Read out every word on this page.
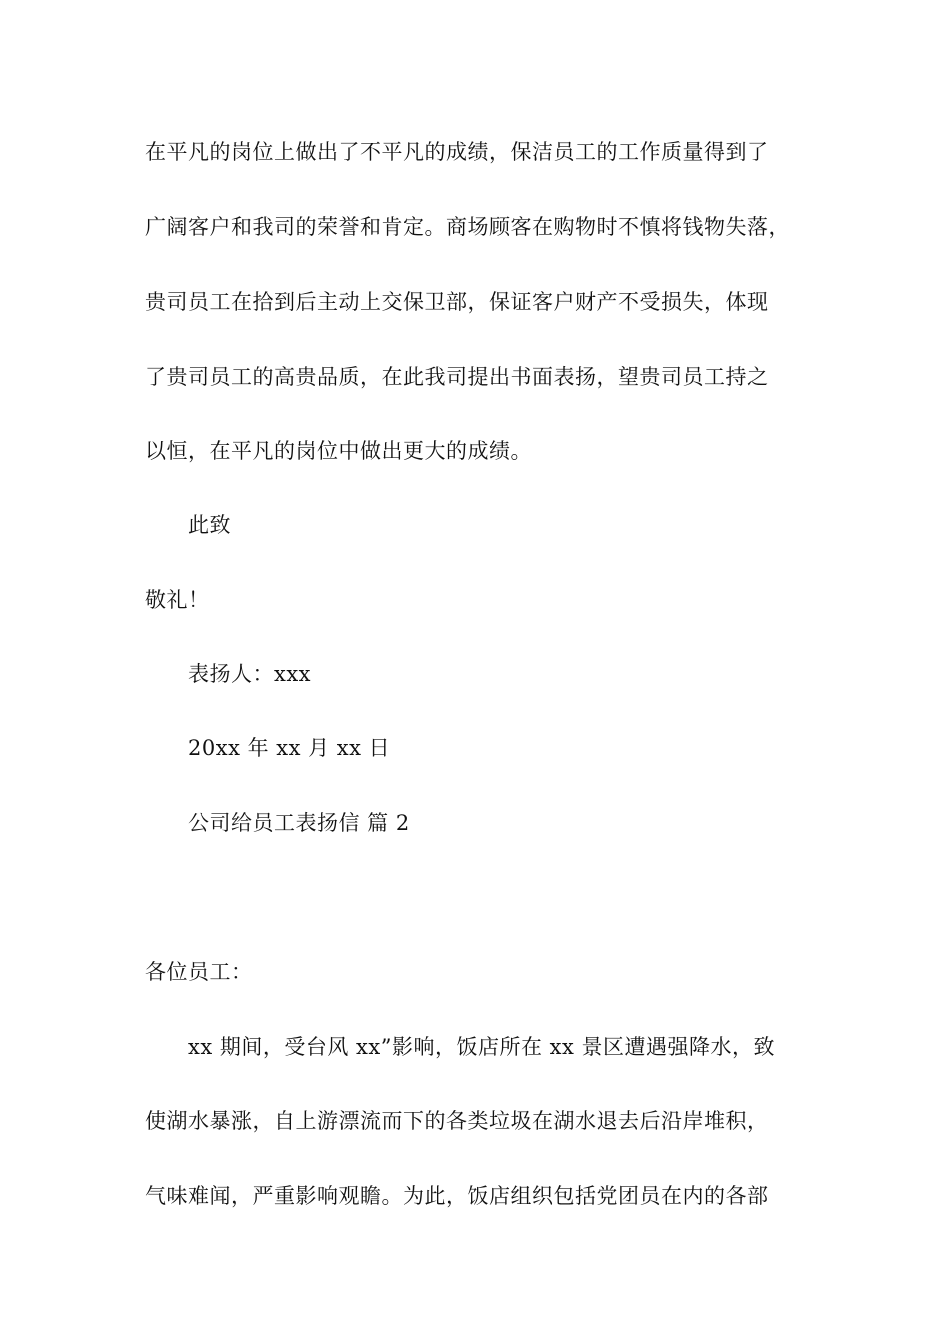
在平凡的岗位上做出了不平凡的成绩，保洁员工的工作质量得到了
广阔客户和我司的荣誉和肯定。商场顾客在购物时不慎将钱物失落，
贵司员工在拾到后主动上交保卫部，保证客户财产不受损失，体现
了贵司员工的高贵品质，在此我司提出书面表扬，望贵司员工持之
以恒，在平凡的岗位中做出更大的成绩。
此致
敬礼！
表扬人：xxx
20xx 年 xx 月 xx 日
公司给员工表扬信 篇 2
各位员工：
xx 期间，受台风 xx”影响，饭店所在 xx 景区遭遇强降水，致
使湖水暴涨，自上游漂流而下的各类垃圾在湖水退去后沿岸堆积，
气味难闻，严重影响观瞻。为此，饭店组织包括党团员在内的各部
